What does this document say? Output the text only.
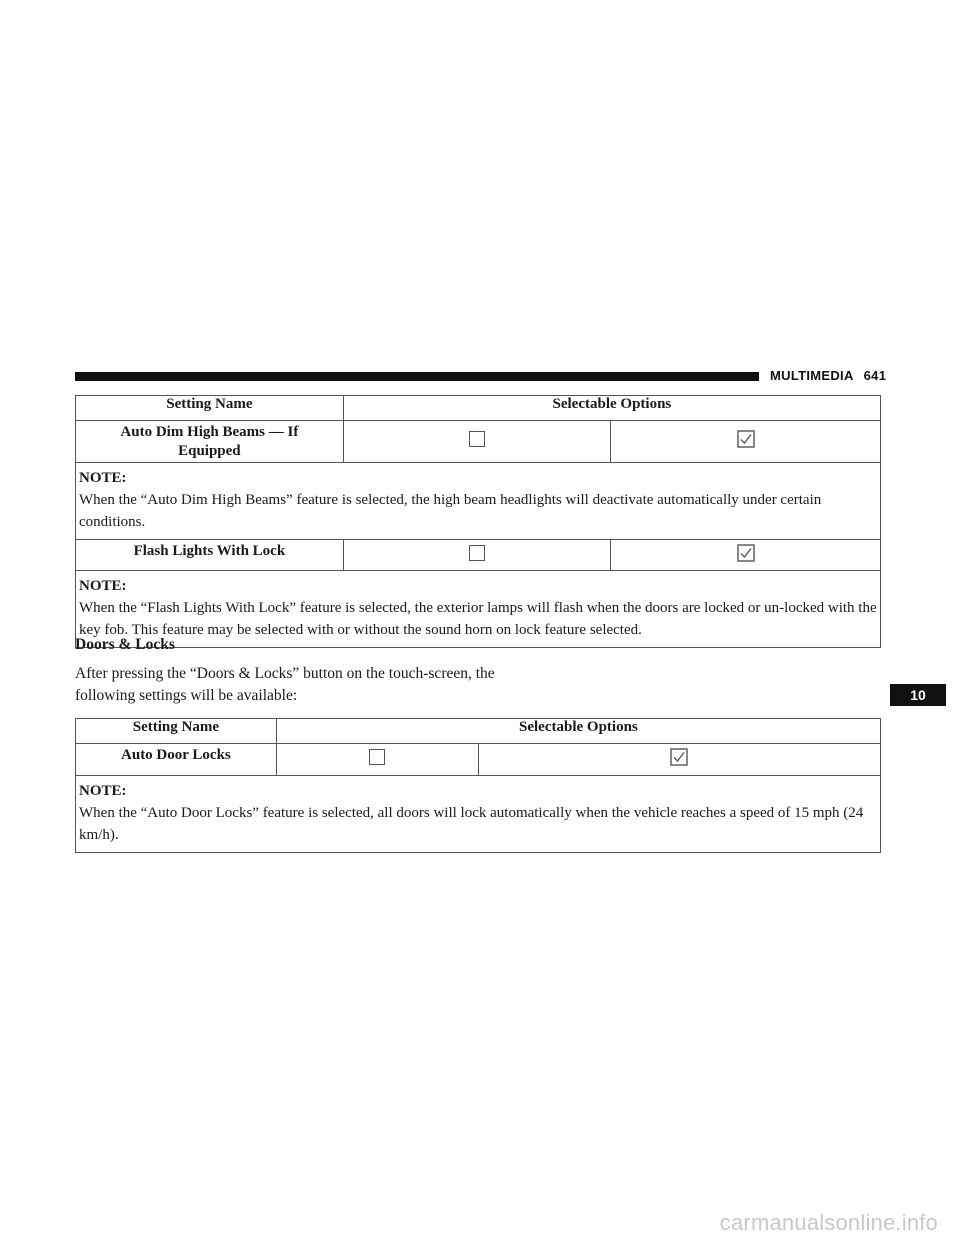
MULTIMEDIA 641
Setting Name	Selectable Options	

Auto Dim High Beams — If Equipped

NOTE:
When the “Auto Dim High Beams” feature is selected, the high beam headlights will deactivate automatically under certain conditions.		
Flash Lights With Lock		

NOTE:
When the “Flash Lights With Lock” feature is selected, the exterior lamps will flash when the doors are locked or un-locked with the key fob. This feature may be selected with or without the sound horn on lock feature selected.		
Doors & Locks
After pressing the “Doors & Locks” button on the touch-screen, the following settings will be available:
Setting Name	Selectable Options	
Auto Door Locks		

NOTE:
When the “Auto Door Locks” feature is selected, all doors will lock automatically when the vehicle reaches a speed of 15 mph (24 km/h).		
10
carmanualsonline.info
